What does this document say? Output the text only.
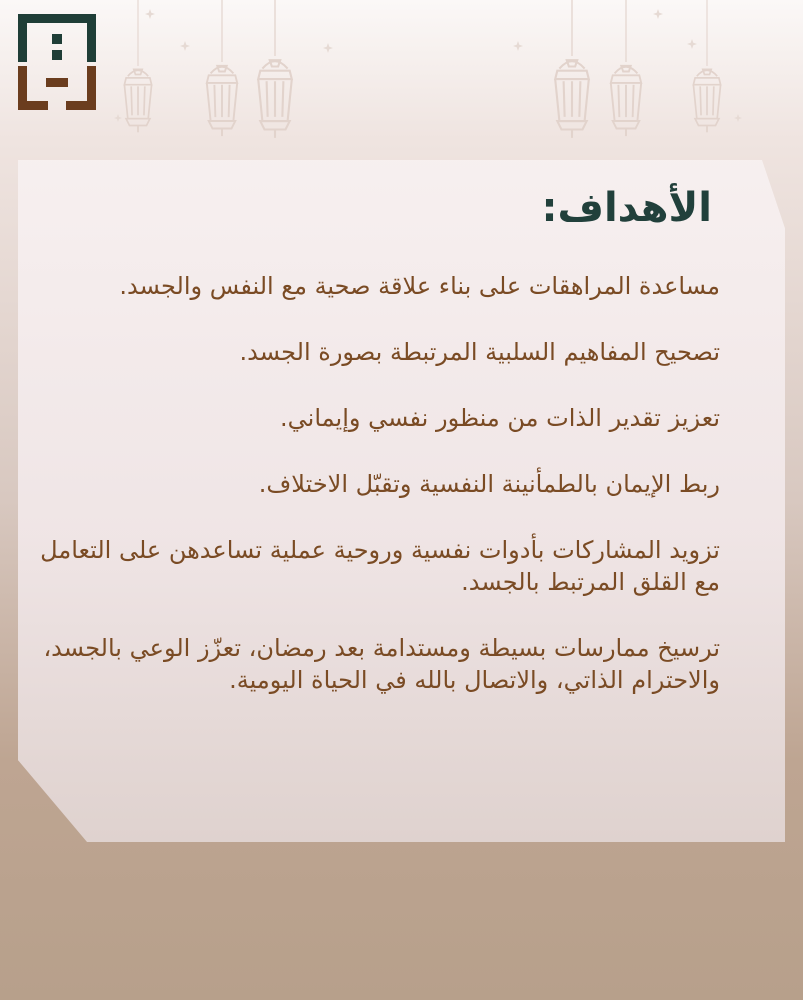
الأهداف:
مساعدة المراهقات على بناء علاقة صحية مع النفس والجسد.
تصحيح المفاهيم السلبية المرتبطة بصورة الجسد.
تعزيز تقدير الذات من منظور نفسي وإيماني.
ربط الإيمان بالطمأنينة النفسية وتقبّل الاختلاف.
تزويد المشاركات بأدوات نفسية وروحية عملية تساعدهن على التعامل مع القلق المرتبط بالجسد.
ترسيخ ممارسات بسيطة ومستدامة بعد رمضان، تعزّز الوعي بالجسد، والاحترام الذاتي، والاتصال بالله في الحياة اليومية.
